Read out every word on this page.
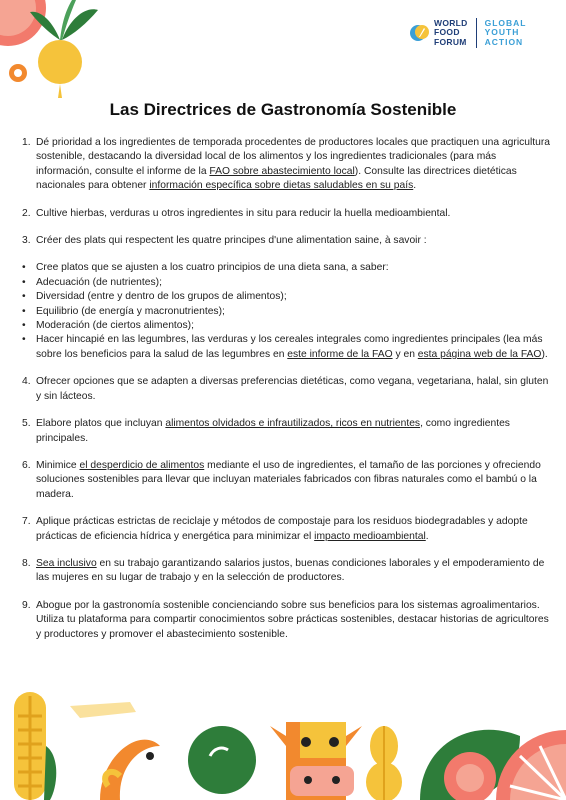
WORLD
FOOD
FORUM
GLOBAL
YOUTH
ACTION
Las Directrices de Gastronomía Sostenible
1. Dé prioridad a los ingredientes de temporada procedentes de productores locales que practiquen una agricultura sostenible, destacando la diversidad local de los alimentos y los ingredientes tradicionales (para más información, consulte el informe de la FAO sobre abastecimiento local). Consulte las directrices dietéticas nacionales para obtener información específica sobre dietas saludables en su país.
2. Cultive hierbas, verduras u otros ingredientes in situ para reducir la huella medioambiental.
3. Créer des plats qui respectent les quatre principes d'une alimentation saine, à savoir :
•	Cree platos que se ajusten a los cuatro principios de una dieta sana, a saber:
•	Adecuación (de nutrientes);
•	Diversidad (entre y dentro de los grupos de alimentos);
•	Equilibrio (de energía y macronutrientes);
•	Moderación (de ciertos alimentos);
•	Hacer hincapié en las legumbres, las verduras y los cereales integrales como ingredientes principales (lea más sobre los beneficios para la salud de las legumbres en este informe de la FAO y en esta página web de la FAO).
4. Ofrecer opciones que se adapten a diversas preferencias dietéticas, como vegana, vegetariana, halal, sin gluten y sin lácteos.
5. Elabore platos que incluyan alimentos olvidados e infrautilizados, ricos en nutrientes, como ingredientes principales.
6. Minimice el desperdicio de alimentos mediante el uso de ingredientes, el tamaño de las porciones y ofreciendo soluciones sostenibles para llevar que incluyan materiales fabricados con fibras naturales como el bambú o la madera.
7. Aplique prácticas estrictas de reciclaje y métodos de compostaje para los residuos biodegradables y adopte prácticas de eficiencia hídrica y energética para minimizar el impacto medioambiental.
8. Sea inclusivo en su trabajo garantizando salarios justos, buenas condiciones laborales y el empoderamiento de las mujeres en su lugar de trabajo y en la selección de productores.
9. Abogue por la gastronomía sostenible concienciando sobre sus beneficios para los sistemas agroalimentarios. Utiliza tu plataforma para compartir conocimientos sobre prácticas sostenibles, destacar historias de agricultores y productores y promover el abastecimiento sostenible.
